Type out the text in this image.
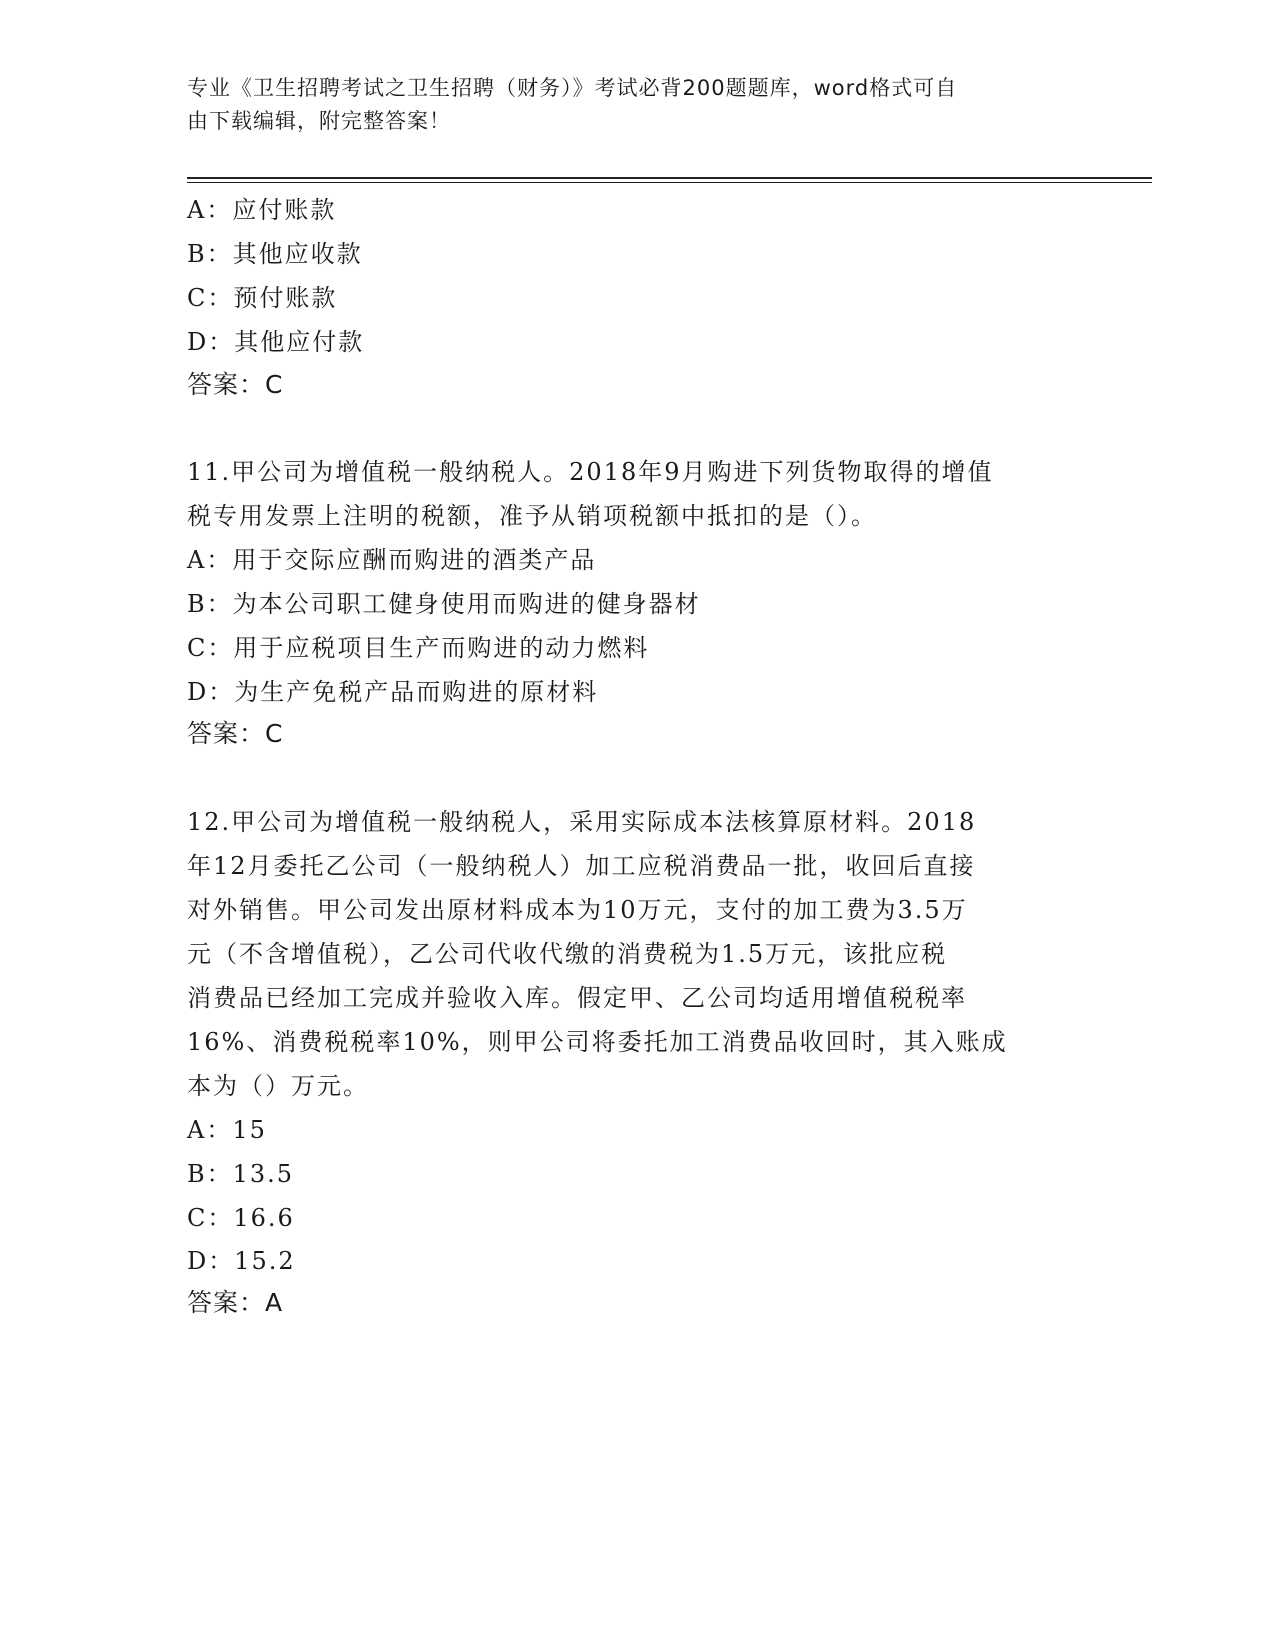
专业《卫生招聘考试之卫生招聘（财务）》考试必背200题题库，word格式可自
由下载编辑，附完整答案！
A：应付账款
B：其他应收款
C：预付账款
D：其他应付款
答案：C
11.甲公司为增值税一般纳税人。2018年9月购进下列货物取得的增值
税专用发票上注明的税额，准予从销项税额中抵扣的是（）。
A：用于交际应酬而购进的酒类产品
B：为本公司职工健身使用而购进的健身器材
C：用于应税项目生产而购进的动力燃料
D：为生产免税产品而购进的原材料
答案：C
12.甲公司为增值税一般纳税人，采用实际成本法核算原材料。2018
年12月委托乙公司（一般纳税人）加工应税消费品一批，收回后直接
对外销售。甲公司发出原材料成本为10万元，支付的加工费为3.5万
元（不含增值税），乙公司代收代缴的消费税为1.5万元，该批应税
消费品已经加工完成并验收入库。假定甲、乙公司均适用增值税税率
16%、消费税税率10%，则甲公司将委托加工消费品收回时，其入账成
本为（）万元。
A：15
B：13.5
C：16.6
D：15.2
答案：A
